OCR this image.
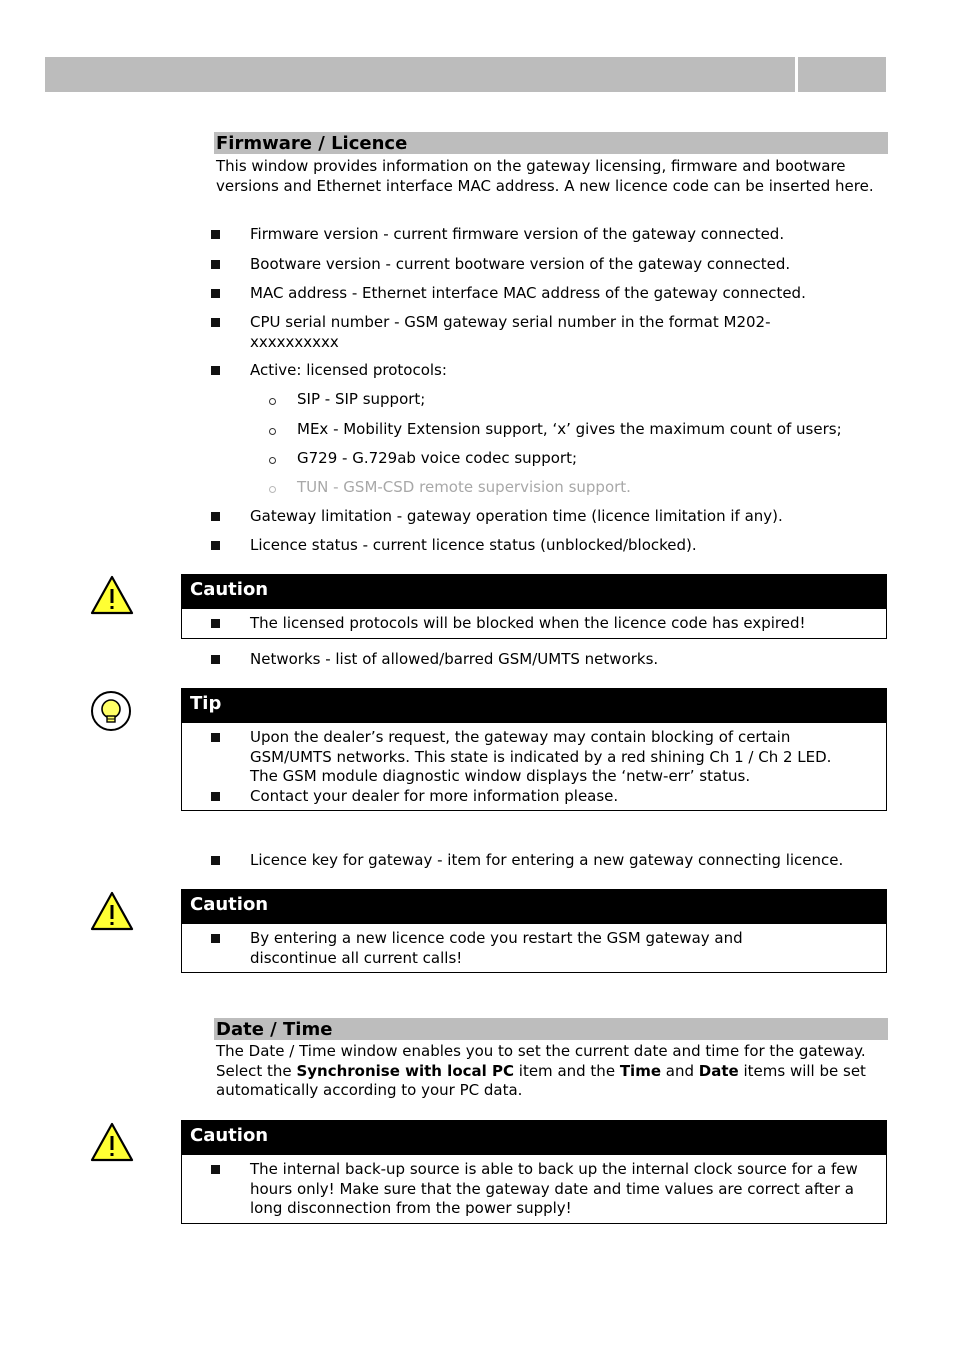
Firmware / Licence
This window provides information on the gateway licensing, firmware and bootware versions and Ethernet interface MAC address. A new licence code can be inserted here.
Firmware version - current firmware version of the gateway connected.
Bootware version - current bootware version of the gateway connected.
MAC address - Ethernet interface MAC address of the gateway connected.
CPU serial number - GSM gateway serial number in the format M202-xxxxxxxxxx
Active: licensed protocols:
SIP - SIP support;
MEx - Mobility Extension support, ‘x’ gives the maximum count of users;
G729 - G.729ab voice codec support;
TUN - GSM-CSD remote supervision support.
Gateway limitation - gateway operation time (licence limitation if any).
Licence status - current licence status (unblocked/blocked).
Caution
The licensed protocols will be blocked when the licence code has expired!
Networks - list of allowed/barred GSM/UMTS networks.
Tip
Upon the dealer’s request, the gateway may contain blocking of certain GSM/UMTS networks. This state is indicated by a red shining Ch 1 / Ch 2 LED. The GSM module diagnostic window displays the ‘netw-err’ status.
Contact your dealer for more information please.
Licence key for gateway - item for entering a new gateway connecting licence.
Caution
By entering a new licence code you restart the GSM gateway and discontinue all current calls!
Date / Time
The Date / Time window enables you to set the current date and time for the gateway. Select the Synchronise with local PC item and the Time and Date items will be set automatically according to your PC data.
Caution
The internal back-up source is able to back up the internal clock source for a few hours only! Make sure that the gateway date and time values are correct after a long disconnection from the power supply!
